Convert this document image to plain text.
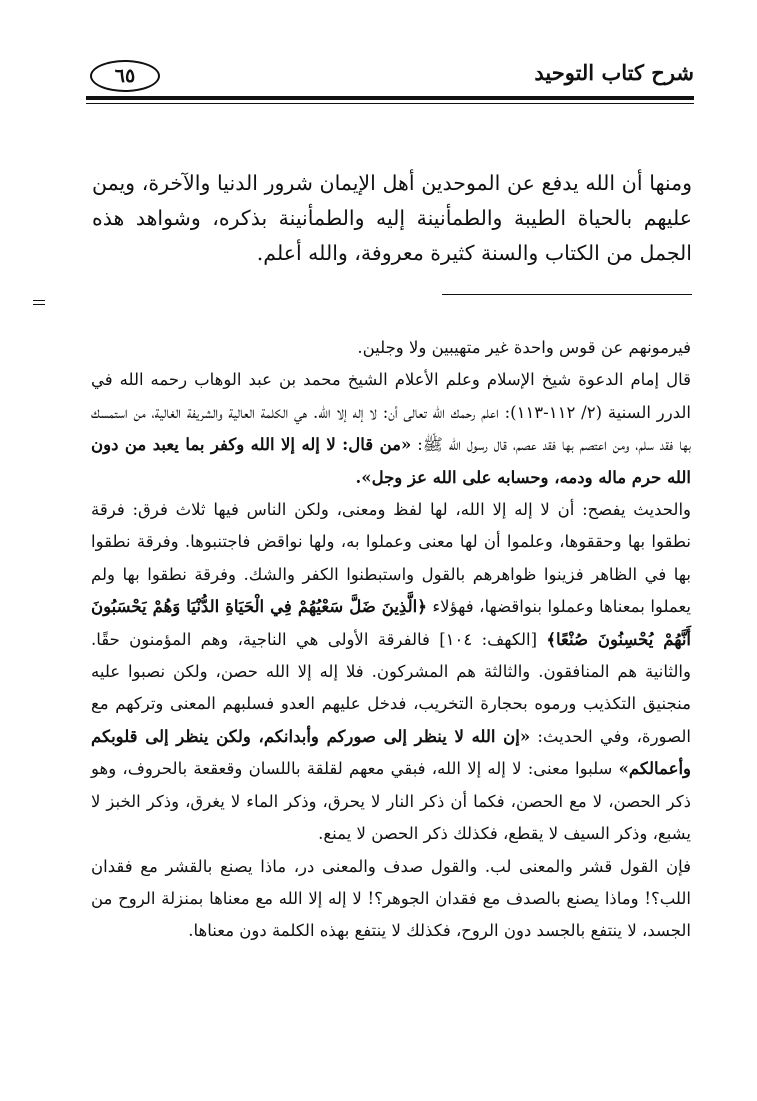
٦٥	شرح كتاب التوحيد

ومنها أن الله يدفع عن الموحدين أهل الإيمان شرور الدنيا والآخرة، ويمن عليهم بالحياة الطيبة والطمأنينة إليه والطمأنينة بذكره، وشواهد هذه الجمل من الكتاب والسنة كثيرة معروفة، والله أعلم.

فيرمونهم عن قوس واحدة غير متهيبين ولا وجلين.

قال إمام الدعوة شيخ الإسلام وعلم الأعلام الشيخ محمد بن عبد الوهاب رحمه الله في الدرر السنية (٢/ ١١٢-١١٣): اعلم رحمك الله تعالى أن: لا إله إلا الله. هي الكلمة العالية والشريفة الغالية، من استمسك بها فقد سلم، ومن اعتصم بها فقد عصم، قال رسول الله ﷺ: «من قال: لا إله إلا الله وكفر بما يعبد من دون الله حرم ماله ودمه، وحسابه على الله عز وجل».

والحديث يفصح: أن لا إله إلا الله، لها لفظ ومعنى، ولكن الناس فيها ثلاث فرق: فرقة نطقوا بها وحققوها، وعلموا أن لها معنى وعملوا به، ولها نواقض فاجتنبوها. وفرقة نطقوا بها في الظاهر فزينوا ظواهرهم بالقول واستبطنوا الكفر والشك. وفرقة نطقوا بها ولم يعملوا بمعناها وعملوا بنواقضها، فهؤلاء ﴿الَّذِينَ ضَلَّ سَعْيُهُمْ فِي الْحَيَاةِ الدُّنْيَا وَهُمْ يَحْسَبُونَ أَنَّهُمْ يُحْسِنُونَ صُنْعًا﴾ [الكهف: ١٠٤] فالفرقة الأولى هي الناجية، وهم المؤمنون حقًا. والثانية هم المنافقون. والثالثة هم المشركون. فلا إله إلا الله حصن، ولكن نصبوا عليه منجنيق التكذيب ورموه بحجارة التخريب، فدخل عليهم العدو فسلبهم المعنى وتركهم مع الصورة، وفي الحديث: «إن الله لا ينظر إلى صوركم وأبدانكم، ولكن ينظر إلى قلوبكم وأعمالكم» سلبوا معنى: لا إله إلا الله، فبقي معهم لقلقة باللسان وقعقعة بالحروف، وهو ذكر الحصن، لا مع الحصن، فكما أن ذكر النار لا يحرق، وذكر الماء لا يغرق، وذكر الخبز لا يشبع، وذكر السيف لا يقطع، فكذلك ذكر الحصن لا يمنع.

فإن القول قشر والمعنى لب. والقول صدف والمعنى در، ماذا يصنع بالقشر مع فقدان اللب؟! وماذا يصنع بالصدف مع فقدان الجوهر؟! لا إله إلا الله مع معناها بمنزلة الروح من الجسد، لا ينتفع بالجسد دون الروح، فكذلك لا ينتفع بهذه الكلمة دون معناها.
